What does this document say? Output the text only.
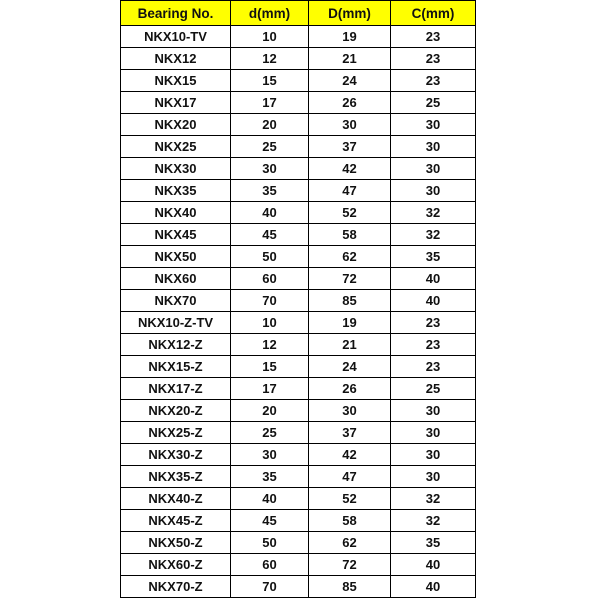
Bearing No.	d(mm)	D(mm)	C(mm)
NKX10-TV	10	19	23
NKX12	12	21	23
NKX15	15	24	23
NKX17	17	26	25
NKX20	20	30	30
NKX25	25	37	30
NKX30	30	42	30
NKX35	35	47	30
NKX40	40	52	32
NKX45	45	58	32
NKX50	50	62	35
NKX60	60	72	40
NKX70	70	85	40
NKX10-Z-TV	10	19	23
NKX12-Z	12	21	23
NKX15-Z	15	24	23
NKX17-Z	17	26	25
NKX20-Z	20	30	30
NKX25-Z	25	37	30
NKX30-Z	30	42	30
NKX35-Z	35	47	30
NKX40-Z	40	52	32
NKX45-Z	45	58	32
NKX50-Z	50	62	35
NKX60-Z	60	72	40
NKX70-Z	70	85	40
